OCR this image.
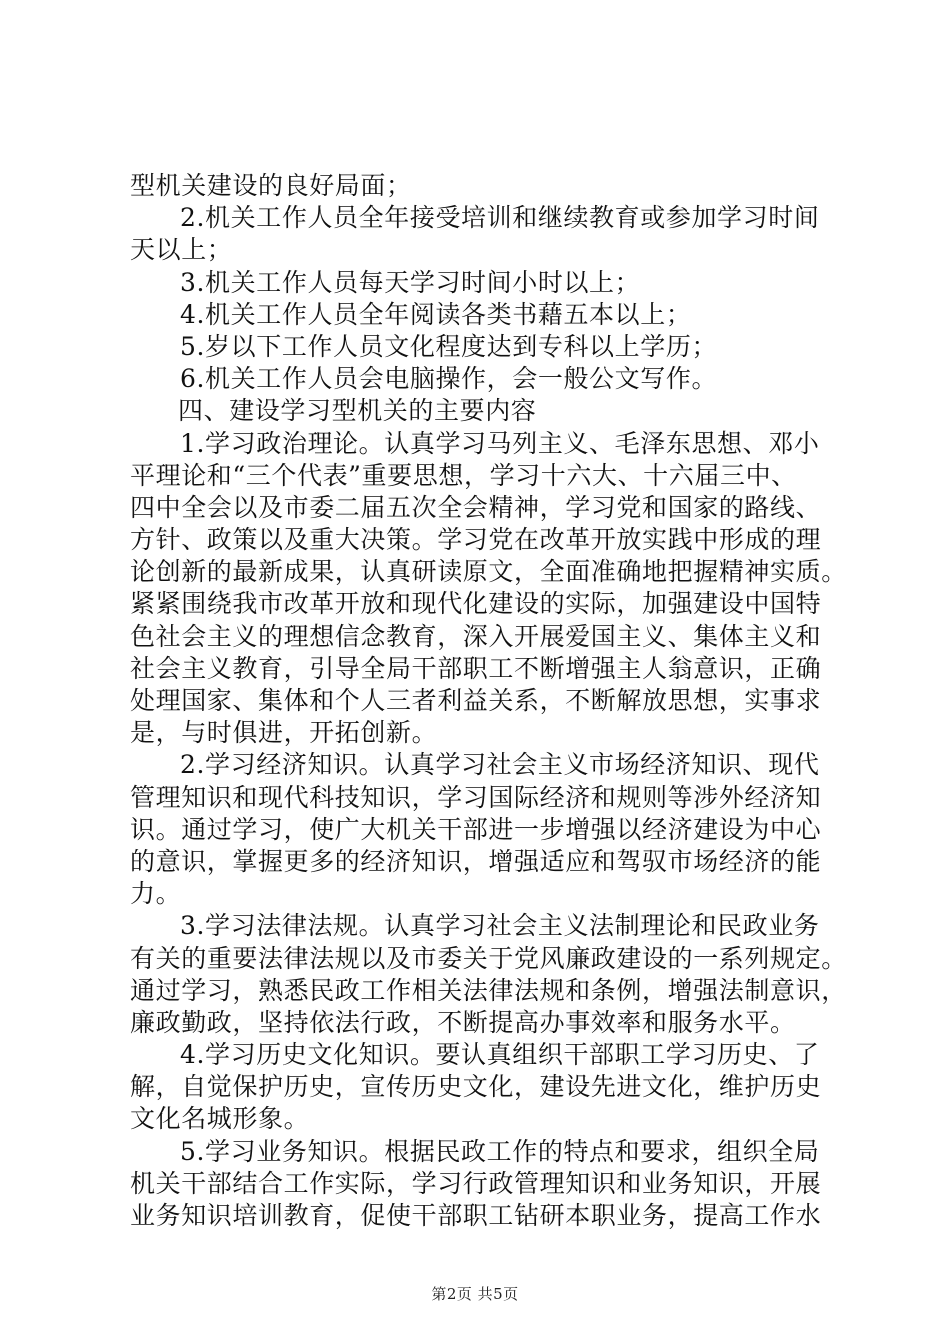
型机关建设的良好局面；
2.机关工作人员全年接受培训和继续教育或参加学习时间
天以上；
3.机关工作人员每天学习时间小时以上；
4.机关工作人员全年阅读各类书藉五本以上；
5.岁以下工作人员文化程度达到专科以上学历；
6.机关工作人员会电脑操作，会一般公文写作。
四、建设学习型机关的主要内容
1.学习政治理论。认真学习马列主义、毛泽东思想、邓小
平理论和“三个代表”重要思想，学习十六大、十六届三中、
四中全会以及市委二届五次全会精神，学习党和国家的路线、
方针、政策以及重大决策。学习党在改革开放实践中形成的理
论创新的最新成果，认真研读原文，全面准确地把握精神实质。
紧紧围绕我市改革开放和现代化建设的实际，加强建设中国特
色社会主义的理想信念教育，深入开展爱国主义、集体主义和
社会主义教育，引导全局干部职工不断增强主人翁意识，正确
处理国家、集体和个人三者利益关系，不断解放思想，实事求
是，与时俱进，开拓创新。
2.学习经济知识。认真学习社会主义市场经济知识、现代
管理知识和现代科技知识，学习国际经济和规则等涉外经济知
识。通过学习，使广大机关干部进一步增强以经济建设为中心
的意识，掌握更多的经济知识，增强适应和驾驭市场经济的能
力。
3.学习法律法规。认真学习社会主义法制理论和民政业务
有关的重要法律法规以及市委关于党风廉政建设的一系列规定。
通过学习，熟悉民政工作相关法律法规和条例，增强法制意识，
廉政勤政，坚持依法行政，不断提高办事效率和服务水平。
4.学习历史文化知识。要认真组织干部职工学习历史、了
解，自觉保护历史，宣传历史文化，建设先进文化，维护历史
文化名城形象。
5.学习业务知识。根据民政工作的特点和要求，组织全局
机关干部结合工作实际，学习行政管理知识和业务知识，开展
业务知识培训教育，促使干部职工钻研本职业务，提高工作水
第2页 共5页
